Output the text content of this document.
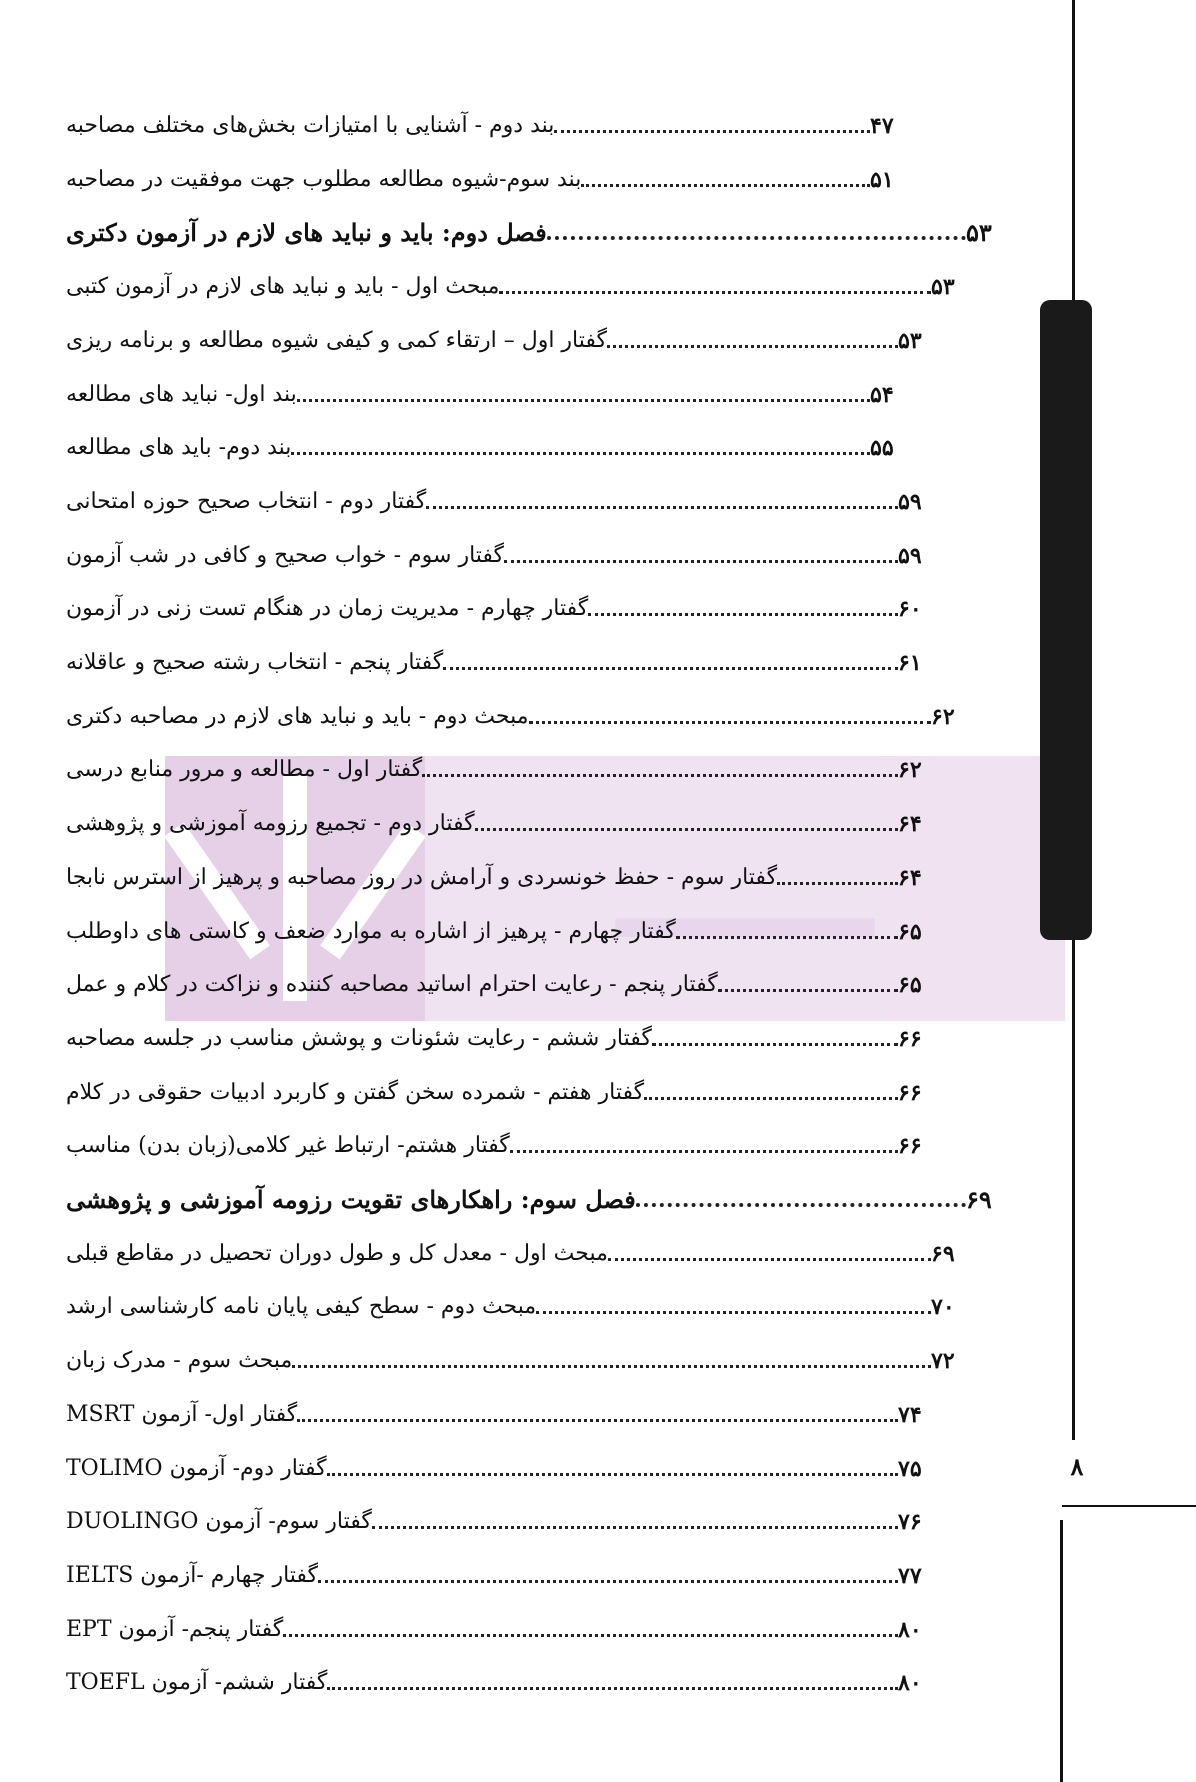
ـــــ
۸
بند دوم - آشنایی با امتیازات بخش‌های مختلف مصاحبه	۴۷
بند سوم-شیوه مطالعه مطلوب جهت موفقیت در مصاحبه	۵۱
فصل دوم: باید و نباید های لازم در آزمون دکتری	۵۳
مبحث اول - باید و نباید های لازم در آزمون کتبی	۵۳
گفتار اول – ارتقاء کمی و کیفی شیوه مطالعه و برنامه ریزی	۵۳
بند اول- نباید های مطالعه	۵۴
بند دوم- باید های مطالعه	۵۵
گفتار دوم - انتخاب صحیح حوزه امتحانی	۵۹
گفتار سوم - خواب صحیح و کافی در شب آزمون	۵۹
گفتار چهارم - مدیریت زمان در هنگام تست زنی در آزمون	۶۰
گفتار پنجم - انتخاب رشته صحیح و عاقلانه	۶۱
مبحث دوم - باید و نباید های لازم در مصاحبه دکتری	۶۲
گفتار اول - مطالعه و مرور منابع درسی	۶۲
گفتار دوم - تجمیع رزومه آموزشی و پژوهشی	۶۴
گفتار سوم - حفظ خونسردی و آرامش در روز مصاحبه و پرهیز از استرس نابجا	۶۴
گفتار چهارم - پرهیز از اشاره به موارد ضعف و کاستی های داوطلب	۶۵
گفتار پنجم - رعایت احترام اساتید مصاحبه کننده و نزاکت در کلام و عمل	۶۵
گفتار ششم - رعایت شئونات و پوشش مناسب در جلسه مصاحبه	۶۶
گفتار هفتم - شمرده سخن گفتن و کاربرد ادبیات حقوقی در کلام	۶۶
گفتار هشتم- ارتباط غیر کلامی(زبان بدن) مناسب	۶۶
فصل سوم: راهکارهای تقویت رزومه آموزشی و پژوهشی	۶۹
مبحث اول - معدل کل و طول دوران تحصیل در مقاطع قبلی	۶۹
مبحث دوم - سطح کیفی پایان نامه کارشناسی ارشد	۷۰
مبحث سوم - مدرک زبان	۷۲
گفتار اول- آزمون MSRT	۷۴
گفتار دوم- آزمون TOLIMO	۷۵
گفتار سوم- آزمون DUOLINGO	۷۶
گفتار چهارم -آزمون IELTS	۷۷
گفتار پنجم- آزمون EPT	۸۰
گفتار ششم- آزمون TOEFL	۸۰
